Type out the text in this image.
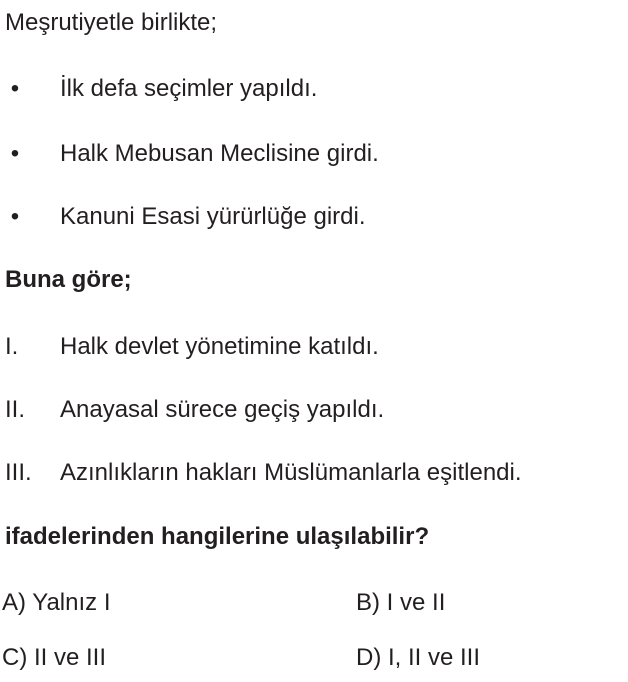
Meşrutiyetle birlikte;
• İlk defa seçimler yapıldı.
• Halk Mebusan Meclisine girdi.
• Kanuni Esasi yürürlüğe girdi.
Buna göre;
I. Halk devlet yönetimine katıldı.
II. Anayasal sürece geçiş yapıldı.
III. Azınlıkların hakları Müslümanlarla eşitlendi.
ifadelerinden hangilerine ulaşılabilir?
A) Yalnız I	B) I ve II
C) II ve III	D) I, II ve III
